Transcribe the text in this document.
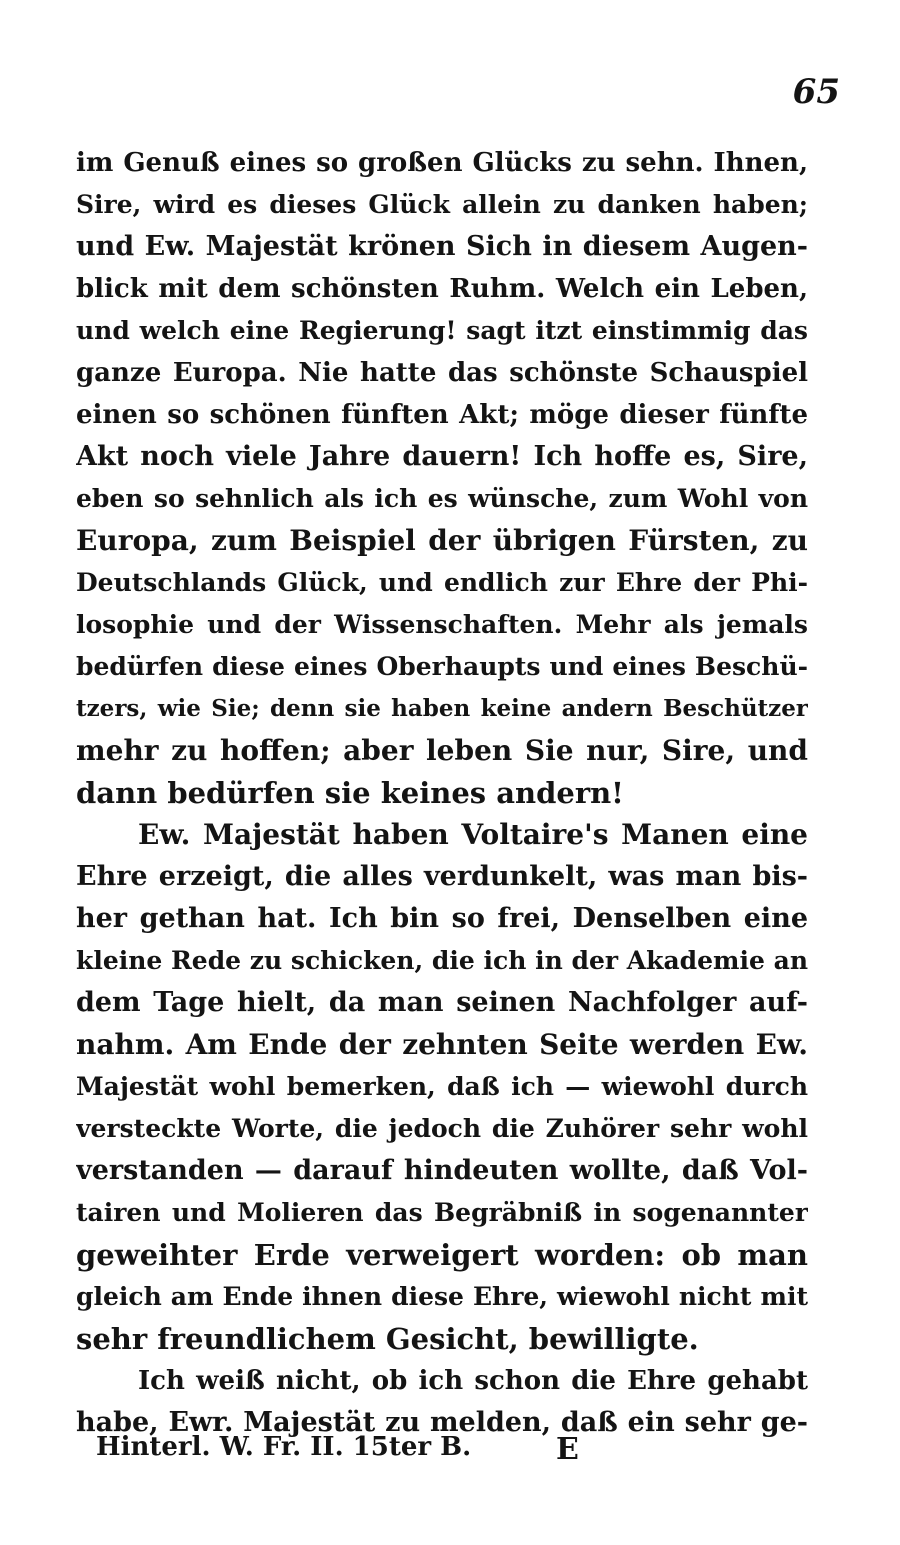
65
im Genuß eines so großen Glücks zu sehn. Ihnen,
Sire, wird es dieses Glück allein zu danken haben;
und Ew. Majestät krönen Sich in diesem Augen-
blick mit dem schönsten Ruhm. Welch ein Leben,
und welch eine Regierung! sagt itzt einstimmig das
ganze Europa. Nie hatte das schönste Schauspiel
einen so schönen fünften Akt; möge dieser fünfte
Akt noch viele Jahre dauern! Ich hoffe es, Sire,
eben so sehnlich als ich es wünsche, zum Wohl von
Europa, zum Beispiel der übrigen Fürsten, zu
Deutschlands Glück, und endlich zur Ehre der Phi-
losophie und der Wissenschaften. Mehr als jemals
bedürfen diese eines Oberhaupts und eines Beschü-
tzers, wie Sie; denn sie haben keine andern Beschützer
mehr zu hoffen; aber leben Sie nur, Sire, und
dann bedürfen sie keines andern!
Ew. Majestät haben Voltaire's Manen eine
Ehre erzeigt, die alles verdunkelt, was man bis-
her gethan hat. Ich bin so frei, Denselben eine
kleine Rede zu schicken, die ich in der Akademie an
dem Tage hielt, da man seinen Nachfolger auf-
nahm. Am Ende der zehnten Seite werden Ew.
Majestät wohl bemerken, daß ich — wiewohl durch
versteckte Worte, die jedoch die Zuhörer sehr wohl
verstanden — darauf hindeuten wollte, daß Vol-
tairen und Molieren das Begräbniß in sogenannter
geweihter Erde verweigert worden: ob man
gleich am Ende ihnen diese Ehre, wiewohl nicht mit
sehr freundlichem Gesicht, bewilligte.
Ich weiß nicht, ob ich schon die Ehre gehabt
habe, Ewr. Majestät zu melden, daß ein sehr ge-
Hinterl. W. Fr. II. 15ter B.	E
